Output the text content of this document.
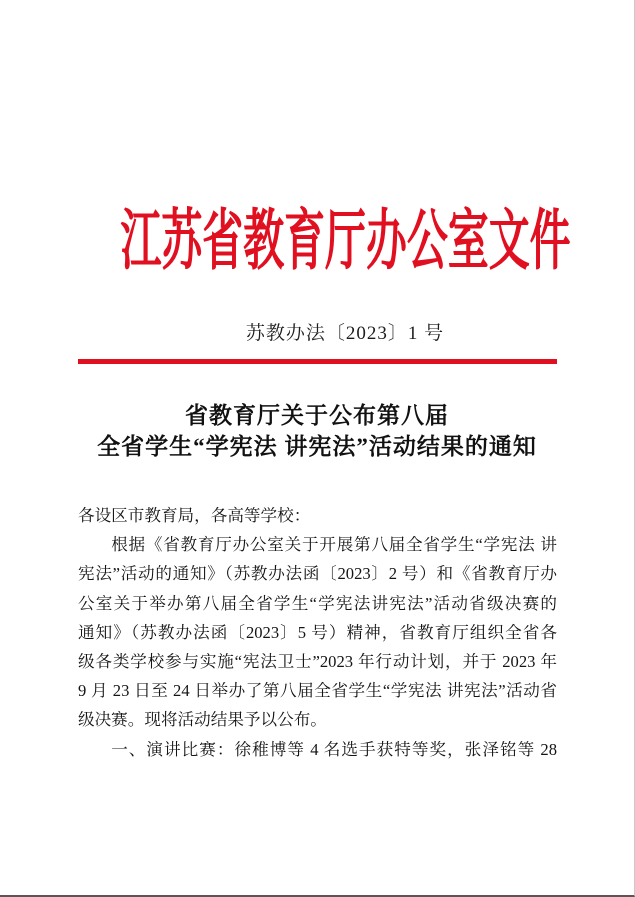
江苏省教育厅办公室文件
苏教办法〔2023〕1 号
省教育厅关于公布第八届
全省学生“学宪法 讲宪法”活动结果的通知
各设区市教育局，各高等学校：
根据《省教育厅办公室关于开展第八届全省学生“学宪法 讲
宪法”活动的通知》（苏教办法函〔2023〕2 号）和《省教育厅办
公室关于举办第八届全省学生“学宪法讲宪法”活动省级决赛的
通知》（苏教办法函〔2023〕5 号）精神，省教育厅组织全省各
级各类学校参与实施“宪法卫士”2023 年行动计划，并于 2023 年
9 月 23 日至 24 日举办了第八届全省学生“学宪法 讲宪法”活动省
级决赛。现将活动结果予以公布。
一、演讲比赛：徐稚博等 4 名选手获特等奖，张泽铭等 28
